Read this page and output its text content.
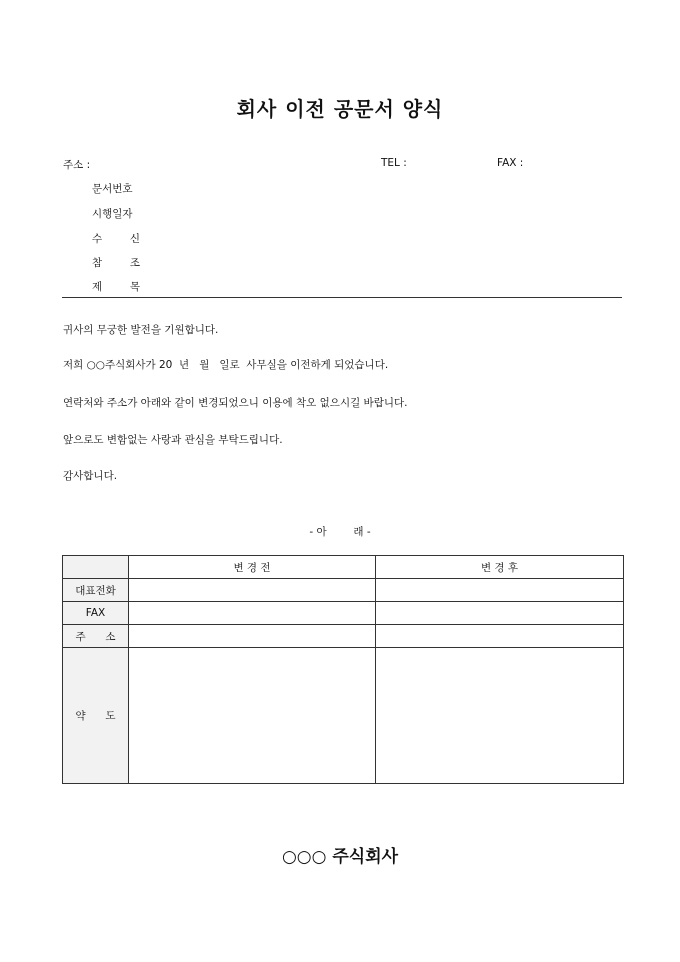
회사 이전 공문서 양식
주소 :	TEL :	FAX :
문서번호
시행일자
수	신
참	조
제	목
귀사의 무궁한 발전을 기원합니다.
저희 ○○주식회사가 20  년   월   일로  사무실을 이전하게 되었습니다.
연락처와 주소가 아래와 같이 변경되었으니 이용에 착오 없으시길 바랍니다.
앞으로도 변함없는 사랑과 관심을 부탁드립니다.
감사합니다.
- 아        래 -
	변 경 전	변 경 후
대표전화		
FAX		

주 소		

약 도		

○○○ 주식회사
